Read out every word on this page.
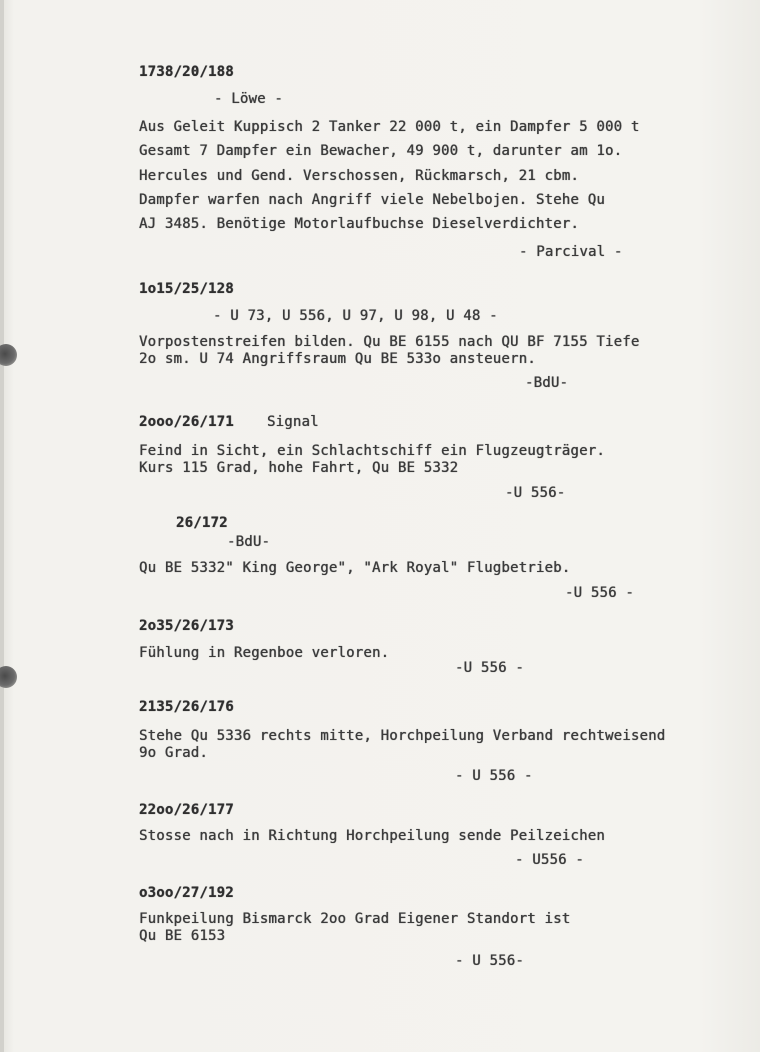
1738/20/188
- Löwe -
Aus Geleit Kuppisch 2 Tanker 22 000 t, ein Dampfer 5 000 t
Gesamt 7 Dampfer ein Bewacher, 49 900 t, darunter am 1o.
Hercules und Gend. Verschossen, Rückmarsch, 21 cbm.
Dampfer warfen nach Angriff viele Nebelbojen. Stehe Qu
AJ 3485. Benötige Motorlaufbuchse Dieselverdichter.
- Parcival -
1o15/25/128
- U 73, U 556, U 97, U 98, U 48 -
Vorpostenstreifen bilden. Qu BE 6155 nach QU BF 7155 Tiefe
2o sm. U 74 Angriffsraum Qu BE 533o ansteuern.
-BdU-
2ooo/26/171 Signal
Feind in Sicht, ein Schlachtschiff ein Flugzeugträger.
Kurs 115 Grad, hohe Fahrt, Qu BE 5332
-U 556-
26/172
-BdU-
Qu BE 5332" King George", "Ark Royal" Flugbetrieb.
-U 556 -
2o35/26/173
Fühlung in Regenboe verloren.
-U 556 -
2135/26/176
Stehe Qu 5336 rechts mitte, Horchpeilung Verband rechtweisend
9o Grad.
- U 556 -
22oo/26/177
Stosse nach in Richtung Horchpeilung sende Peilzeichen
- U556 -
o3oo/27/192
Funkpeilung Bismarck 2oo Grad Eigener Standort ist
Qu BE 6153
- U 556-
